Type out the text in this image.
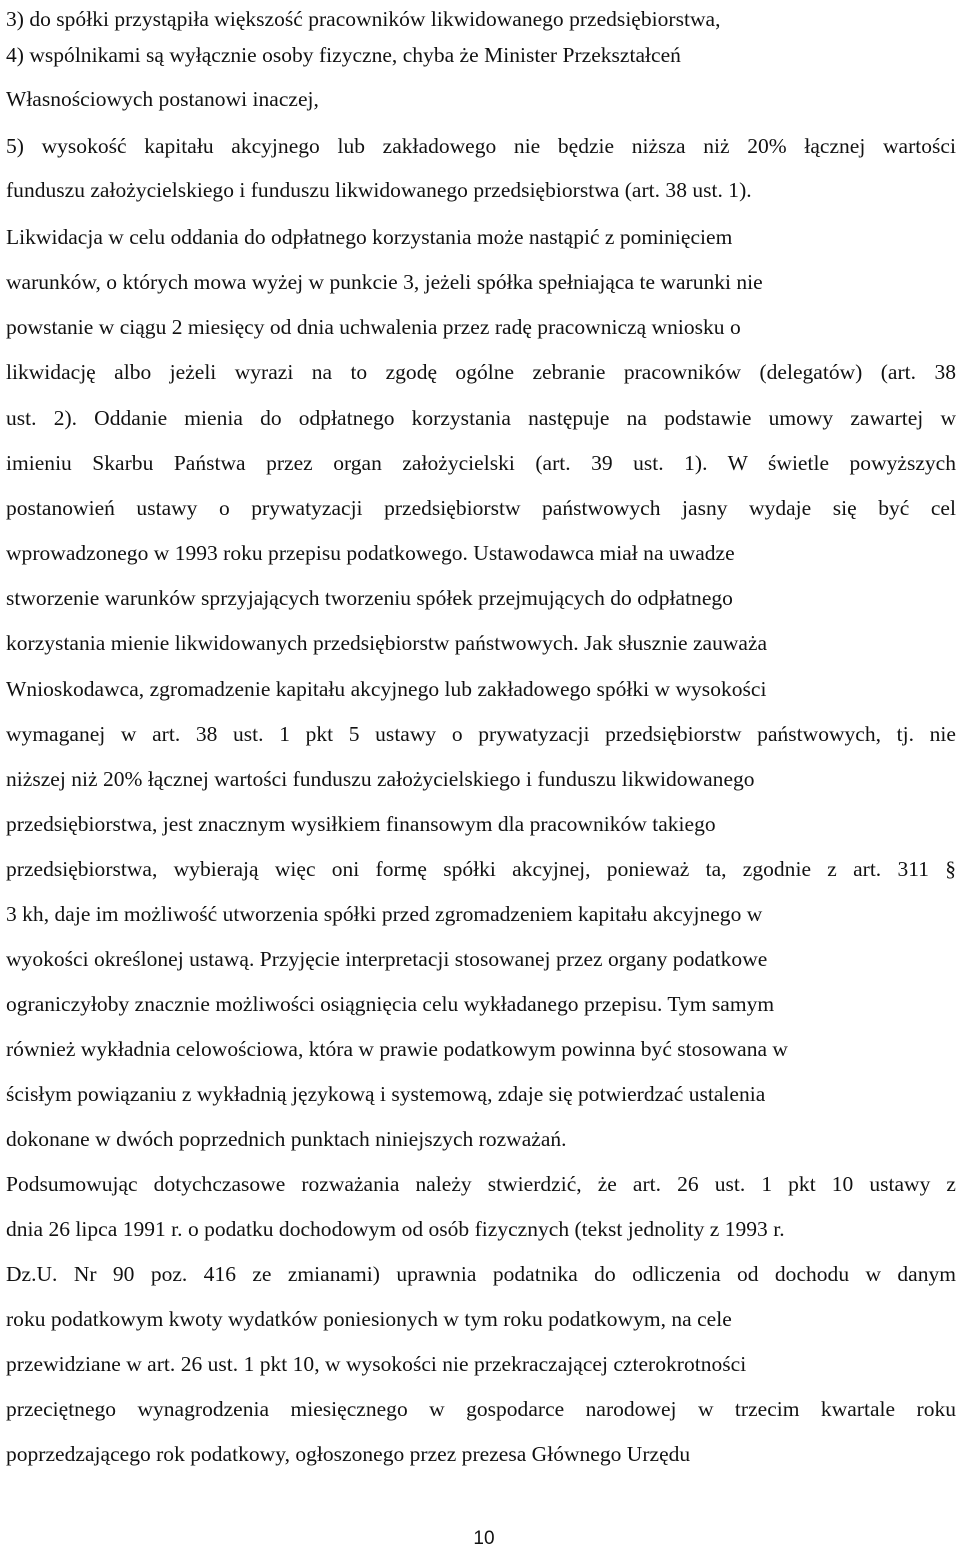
3) do spółki przystąpiła większość pracowników likwidowanego przedsiębiorstwa,
4) wspólnikami są wyłącznie osoby fizyczne, chyba że Minister Przekształceń
Własnościowych postanowi inaczej,
5) wysokość kapitału akcyjnego lub zakładowego nie będzie niższa niż 20% łącznej wartości
funduszu założycielskiego i funduszu likwidowanego przedsiębiorstwa (art. 38 ust. 1).
Likwidacja w celu oddania do odpłatnego korzystania może nastąpić z pominięciem
warunków, o których mowa wyżej w punkcie 3, jeżeli spółka spełniająca te warunki nie
powstanie w ciągu 2 miesięcy od dnia uchwalenia przez radę pracowniczą wniosku o
likwidację albo jeżeli wyrazi na to zgodę ogólne zebranie pracowników (delegatów) (art. 38
ust. 2). Oddanie mienia do odpłatnego korzystania następuje na podstawie umowy zawartej w
imieniu Skarbu Państwa przez organ założycielski (art. 39 ust. 1). W świetle powyższych
postanowień ustawy o prywatyzacji przedsiębiorstw państwowych jasny wydaje się być cel
wprowadzonego w 1993 roku przepisu podatkowego. Ustawodawca miał na uwadze
stworzenie warunków sprzyjających tworzeniu spółek przejmujących do odpłatnego
korzystania mienie likwidowanych przedsiębiorstw państwowych. Jak słusznie zauważa
Wnioskodawca, zgromadzenie kapitału akcyjnego lub zakładowego spółki w wysokości
wymaganej w art. 38 ust. 1 pkt 5 ustawy o prywatyzacji przedsiębiorstw państwowych, tj. nie
niższej niż 20% łącznej wartości funduszu założycielskiego i funduszu likwidowanego
przedsiębiorstwa, jest znacznym wysiłkiem finansowym dla pracowników takiego
przedsiębiorstwa, wybierają więc oni formę spółki akcyjnej, ponieważ ta, zgodnie z art. 311 §
3 kh, daje im możliwość utworzenia spółki przed zgromadzeniem kapitału akcyjnego w
wyokości określonej ustawą. Przyjęcie interpretacji stosowanej przez organy podatkowe
ograniczyłoby znacznie możliwości osiągnięcia celu wykładanego przepisu. Tym samym
również wykładnia celowościowa, która w prawie podatkowym powinna być stosowana w
ścisłym powiązaniu z wykładnią językową i systemową, zdaje się potwierdzać ustalenia
dokonane w dwóch poprzednich punktach niniejszych rozważań.
Podsumowując dotychczasowe rozważania należy stwierdzić, że art. 26 ust. 1 pkt 10 ustawy z
dnia 26 lipca 1991 r. o podatku dochodowym od osób fizycznych (tekst jednolity z 1993 r.
Dz.U. Nr 90 poz. 416 ze zmianami) uprawnia podatnika do odliczenia od dochodu w danym
roku podatkowym kwoty wydatków poniesionych w tym roku podatkowym, na cele
przewidziane w art. 26 ust. 1 pkt 10, w wysokości nie przekraczającej czterokrotności
przeciętnego wynagrodzenia miesięcznego w gospodarce narodowej w trzecim kwartale roku
poprzedzającego rok podatkowy, ogłoszonego przez prezesa Głównego Urzędu
10
